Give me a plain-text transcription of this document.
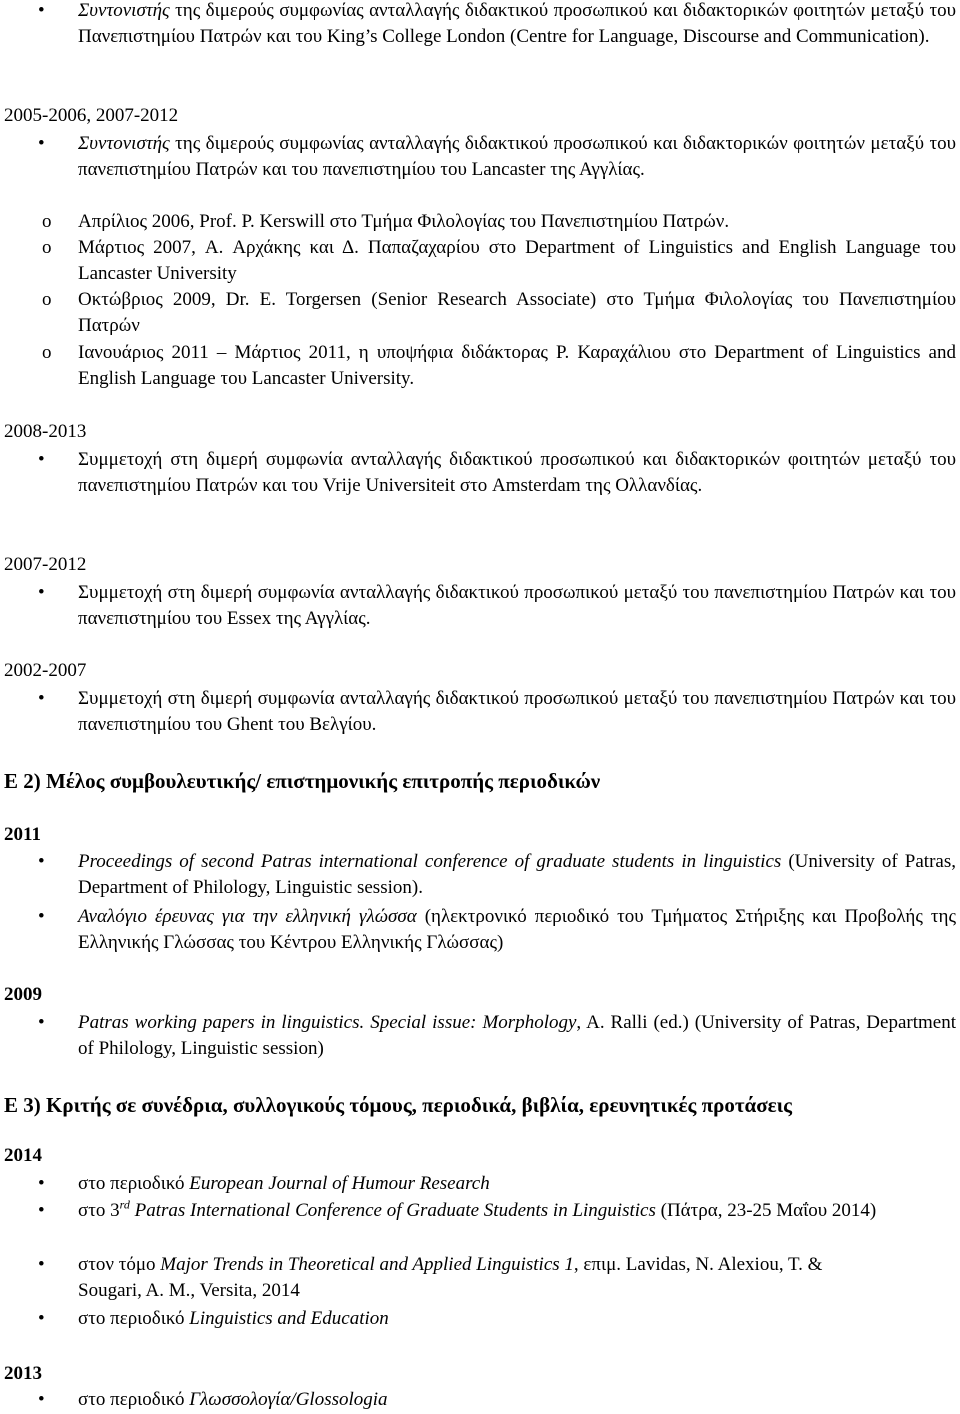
• Συντονιστής της διμερούς συμφωνίας ανταλλαγής διδακτικού προσωπικού και διδακτορικών φοιτητών μεταξύ του Πανεπιστημίου Πατρών και του King’s College London (Centre for Language, Discourse and Communication).

2005-2006, 2007-2012

• Συντονιστής της διμερούς συμφωνίας ανταλλαγής διδακτικού προσωπικού και διδακτορικών φοιτητών μεταξύ του πανεπιστημίου Πατρών και του πανεπιστημίου του Lancaster της Αγγλίας.
o Απρίλιος 2006, Prof. P. Kerswill στο Τμήμα Φιλολογίας του Πανεπιστημίου Πατρών.
o Μάρτιος 2007, A. Αρχάκης και Δ. Παπαζαχαρίου στο Department of Linguistics and English Language του Lancaster University
o Οκτώβριος 2009, Dr. E. Torgersen (Senior Research Associate) στο Τμήμα Φιλολογίας του Πανεπιστημίου Πατρών
o Ιανουάριος 2011 – Μάρτιος 2011, η υποψήφια διδάκτορας Ρ. Καραχάλιου στο Department of Linguistics and English Language του Lancaster University.

2008-2013

• Συμμετοχή στη διμερή συμφωνία ανταλλαγής διδακτικού προσωπικού και διδακτορικών φοιτητών μεταξύ του πανεπιστημίου Πατρών και του Vrije Universiteit στο Amsterdam της Ολλανδίας.

2007-2012

• Συμμετοχή στη διμερή συμφωνία ανταλλαγής διδακτικού προσωπικού μεταξύ του πανεπιστημίου Πατρών και του πανεπιστημίου του Essex της Αγγλίας.

2002-2007

• Συμμετοχή στη διμερή συμφωνία ανταλλαγής διδακτικού προσωπικού μεταξύ του πανεπιστημίου Πατρών και του πανεπιστημίου του Ghent του Βελγίου.
Ε 2) Μέλος συμβουλευτικής/ επιστημονικής επιτροπής περιοδικών

2011

• Proceedings of second Patras international conference of graduate students in linguistics (University of Patras, Department of Philology, Linguistic session).
• Αναλόγιο έρευνας για την ελληνική γλώσσα (ηλεκτρονικό περιοδικό του Τμήματος Στήριξης και Προβολής της Ελληνικής Γλώσσας του Κέντρου Ελληνικής Γλώσσας)

2009

• Patras working papers in linguistics. Special issue: Morphology, A. Ralli (ed.) (University of Patras, Department of Philology, Linguistic session)
Ε 3) Κριτής σε συνέδρια, συλλογικούς τόμους, περιοδικά, βιβλία, ερευνητικές προτάσεις

2014

• στο περιοδικό European Journal of Humour Research
• στο 3rd Patras International Conference of Graduate Students in Linguistics (Πάτρα, 23-25 Μαΐου 2014)
• στον τόμο Major Trends in Theoretical and Applied Linguistics 1, επιμ. Lavidas, N. Alexiou, T. & Sougari, A. M., Versita, 2014
• στο περιοδικό Linguistics and Education

2013

• στο περιοδικό Γλωσσολογία/Glossologia
